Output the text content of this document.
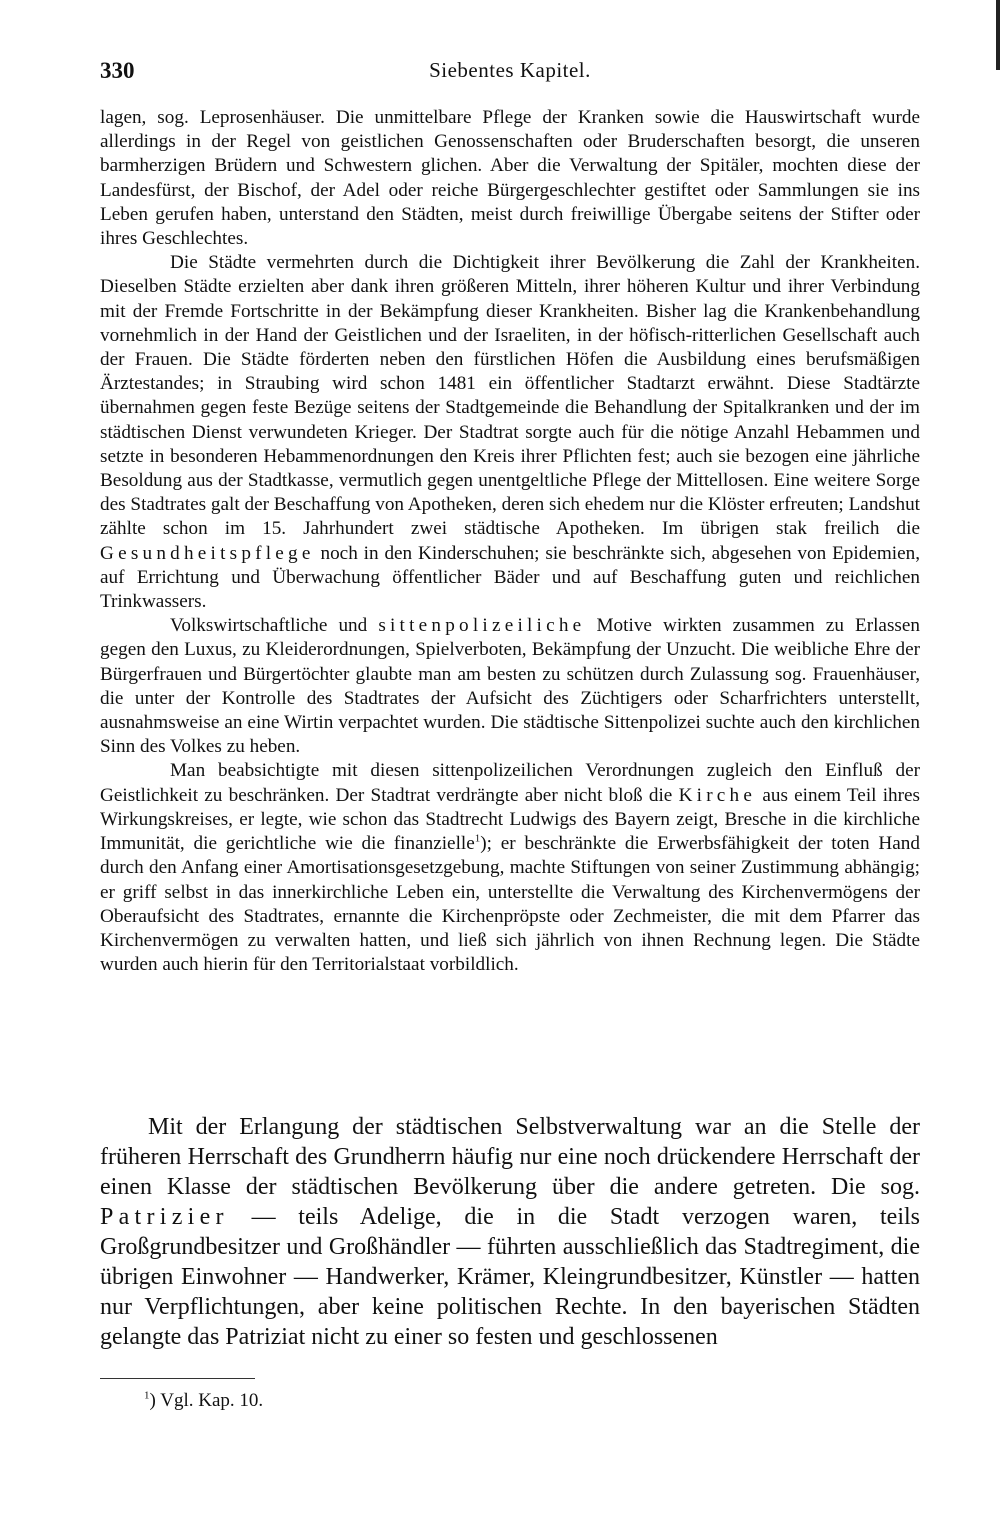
330	Siebentes Kapitel.

lagen, sog. Leprosenhäuser. Die unmittelbare Pflege der Kranken sowie die Hauswirtschaft wurde allerdings in der Regel von geistlichen Genossenschaften oder Bruderschaften besorgt, die unseren barmherzigen Brüdern und Schwestern glichen. Aber die Verwaltung der Spitäler, mochten diese der Landesfürst, der Bischof, der Adel oder reiche Bürgergeschlechter gestiftet oder Sammlungen sie ins Leben gerufen haben, unterstand den Städten, meist durch freiwillige Übergabe seitens der Stifter oder ihres Geschlechtes.

Die Städte vermehrten durch die Dichtigkeit ihrer Bevölkerung die Zahl der Krankheiten. Dieselben Städte erzielten aber dank ihren größeren Mitteln, ihrer höheren Kultur und ihrer Verbindung mit der Fremde Fortschritte in der Bekämpfung dieser Krankheiten. Bisher lag die Krankenbehandlung vornehmlich in der Hand der Geistlichen und der Israeliten, in der höfisch-ritterlichen Gesellschaft auch der Frauen. Die Städte förderten neben den fürstlichen Höfen die Ausbildung eines berufsmäßigen Ärztestandes; in Straubing wird schon 1481 ein öffentlicher Stadtarzt erwähnt. Diese Stadtärzte übernahmen gegen feste Bezüge seitens der Stadtgemeinde die Behandlung der Spitalkranken und der im städtischen Dienst verwundeten Krieger. Der Stadtrat sorgte auch für die nötige Anzahl Hebammen und setzte in besonderen Hebammenordnungen den Kreis ihrer Pflichten fest; auch sie bezogen eine jährliche Besoldung aus der Stadtkasse, vermutlich gegen unentgeltliche Pflege der Mittellosen. Eine weitere Sorge des Stadtrates galt der Beschaffung von Apotheken, deren sich ehedem nur die Klöster erfreuten; Landshut zählte schon im 15. Jahrhundert zwei städtische Apotheken. Im übrigen stak freilich die Gesundheitspflege noch in den Kinderschuhen; sie beschränkte sich, abgesehen von Epidemien, auf Errichtung und Überwachung öffentlicher Bäder und auf Beschaffung guten und reichlichen Trinkwassers.

Volkswirtschaftliche und sittenpolizeiliche Motive wirkten zusammen zu Erlassen gegen den Luxus, zu Kleiderordnungen, Spielverboten, Bekämpfung der Unzucht. Die weibliche Ehre der Bürgerfrauen und Bürgertöchter glaubte man am besten zu schützen durch Zulassung sog. Frauenhäuser, die unter der Kontrolle des Stadtrates der Aufsicht des Züchtigers oder Scharfrichters unterstellt, ausnahmsweise an eine Wirtin verpachtet wurden. Die städtische Sittenpolizei suchte auch den kirchlichen Sinn des Volkes zu heben.

Man beabsichtigte mit diesen sittenpolizeilichen Verordnungen zugleich den Einfluß der Geistlichkeit zu beschränken. Der Stadtrat verdrängte aber nicht bloß die Kirche aus einem Teil ihres Wirkungskreises, er legte, wie schon das Stadtrecht Ludwigs des Bayern zeigt, Bresche in die kirchliche Immunität, die gerichtliche wie die finanzielle$^1$); er beschränkte die Erwerbsfähigkeit der toten Hand durch den Anfang einer Amortisationsgesetzgebung, machte Stiftungen von seiner Zustimmung abhängig; er griff selbst in das innerkirchliche Leben ein, unterstellte die Verwaltung des Kirchenvermögens der Oberaufsicht des Stadtrates, ernannte die Kirchenpröpste oder Zechmeister, die mit dem Pfarrer das Kirchenvermögen zu verwalten hatten, und ließ sich jährlich von ihnen Rechnung legen. Die Städte wurden auch hierin für den Territorialstaat vorbildlich.

Mit der Erlangung der städtischen Selbstverwaltung war an die Stelle der früheren Herrschaft des Grundherrn häufig nur eine noch drückendere Herrschaft der einen Klasse der städtischen Bevölkerung über die andere getreten. Die sog. Patrizier — teils Adelige, die in die Stadt verzogen waren, teils Großgrundbesitzer und Großhändler — führten ausschließlich das Stadtregiment, die übrigen Einwohner — Handwerker, Krämer, Kleingrundbesitzer, Künstler — hatten nur Verpflichtungen, aber keine politischen Rechte. In den bayerischen Städten gelangte das Patriziat nicht zu einer so festen und geschlossenen

$^1$) Vgl. Kap. 10.
